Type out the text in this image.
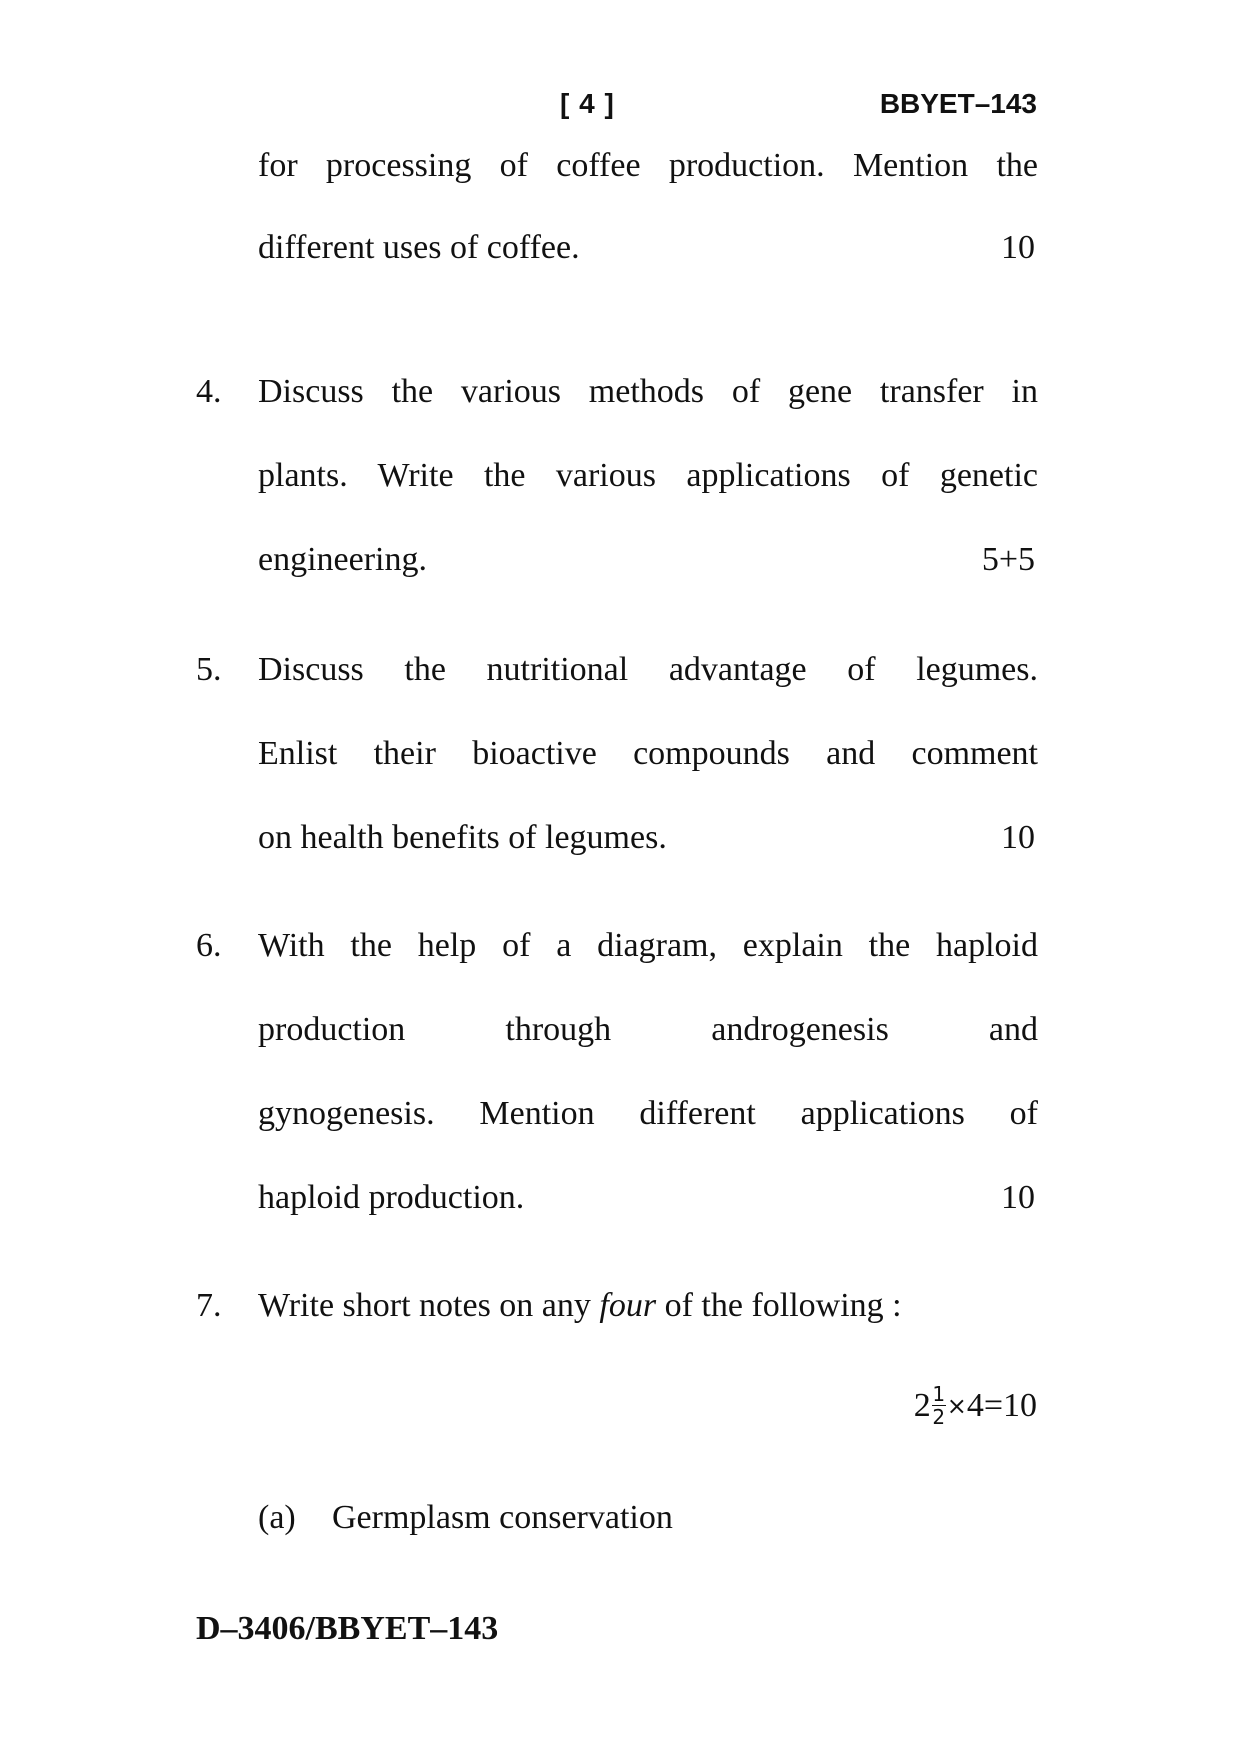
[ 4 ]	BBYET–143
for processing of coffee production. Mention the
different uses of coffee.	10
4. Discuss the various methods of gene transfer in
plants. Write the various applications of genetic
engineering.	5+5
5. Discuss the nutritional advantage of legumes.
Enlist their bioactive compounds and comment
on health benefits of legumes.	10
6. With the help of a diagram, explain the haploid
production through androgenesis and
gynogenesis. Mention different applications of
haploid production.	10
7. Write short notes on any four of the following :
$2 \frac{1}{2} \times 4=10$
(a) Germplasm conservation
D–3406/BBYET–143
